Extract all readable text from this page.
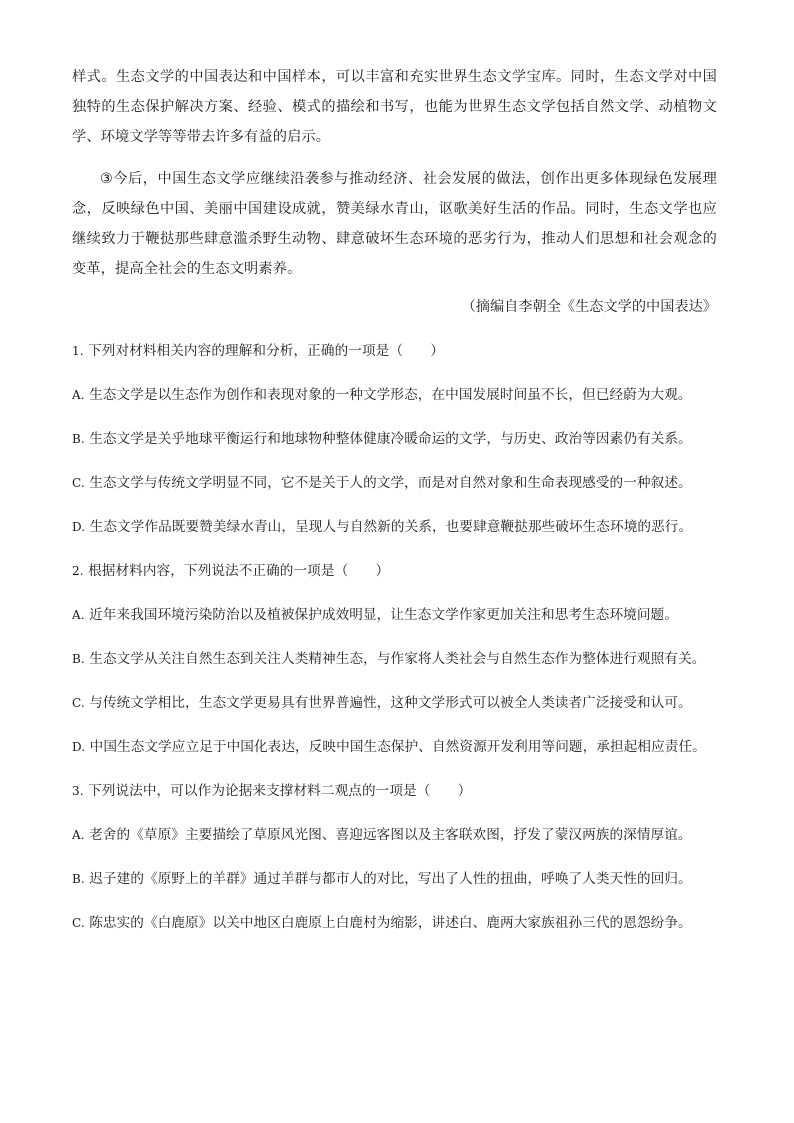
样式。生态文学的中国表达和中国样本，可以丰富和充实世界生态文学宝库。同时，生态文学对中国独特的生态保护解决方案、经验、模式的描绘和书写，也能为世界生态文学包括自然文学、动植物文学、环境文学等等带去许多有益的启示。

③今后，中国生态文学应继续沿袭参与推动经济、社会发展的做法，创作出更多体现绿色发展理念，反映绿色中国、美丽中国建设成就，赞美绿水青山，讴歌美好生活的作品。同时，生态文学也应继续致力于鞭挞那些肆意滥杀野生动物、肆意破坏生态环境的恶劣行为，推动人们思想和社会观念的变革，提高全社会的生态文明素养。

（摘编自李朝全《生态文学的中国表达》

1. 下列对材料相关内容的理解和分析，正确的一项是（　　）

A. 生态文学是以生态作为创作和表现对象的一种文学形态，在中国发展时间虽不长，但已经蔚为大观。

B. 生态文学是关乎地球平衡运行和地球物种整体健康冷暖命运的文学，与历史、政治等因素仍有关系。

C. 生态文学与传统文学明显不同，它不是关于人的文学，而是对自然对象和生命表现感受的一种叙述。

D. 生态文学作品既要赞美绿水青山，呈现人与自然新的关系，也要肆意鞭挞那些破坏生态环境的恶行。

2. 根据材料内容，下列说法不正确的一项是（　　）

A. 近年来我国环境污染防治以及植被保护成效明显，让生态文学作家更加关注和思考生态环境问题。

B. 生态文学从关注自然生态到关注人类精神生态，与作家将人类社会与自然生态作为整体进行观照有关。

C. 与传统文学相比，生态文学更易具有世界普遍性，这种文学形式可以被全人类读者广泛接受和认可。

D. 中国生态文学应立足于中国化表达，反映中国生态保护、自然资源开发利用等问题，承担起相应责任。

3. 下列说法中，可以作为论据来支撑材料二观点的一项是（　　）

A. 老舍的《草原》主要描绘了草原风光图、喜迎远客图以及主客联欢图，抒发了蒙汉两族的深情厚谊。

B. 迟子建的《原野上的羊群》通过羊群与都市人的对比，写出了人性的扭曲，呼唤了人类天性的回归。

C. 陈忠实的《白鹿原》以关中地区白鹿原上白鹿村为缩影，讲述白、鹿两大家族祖孙三代的恩怨纷争。
